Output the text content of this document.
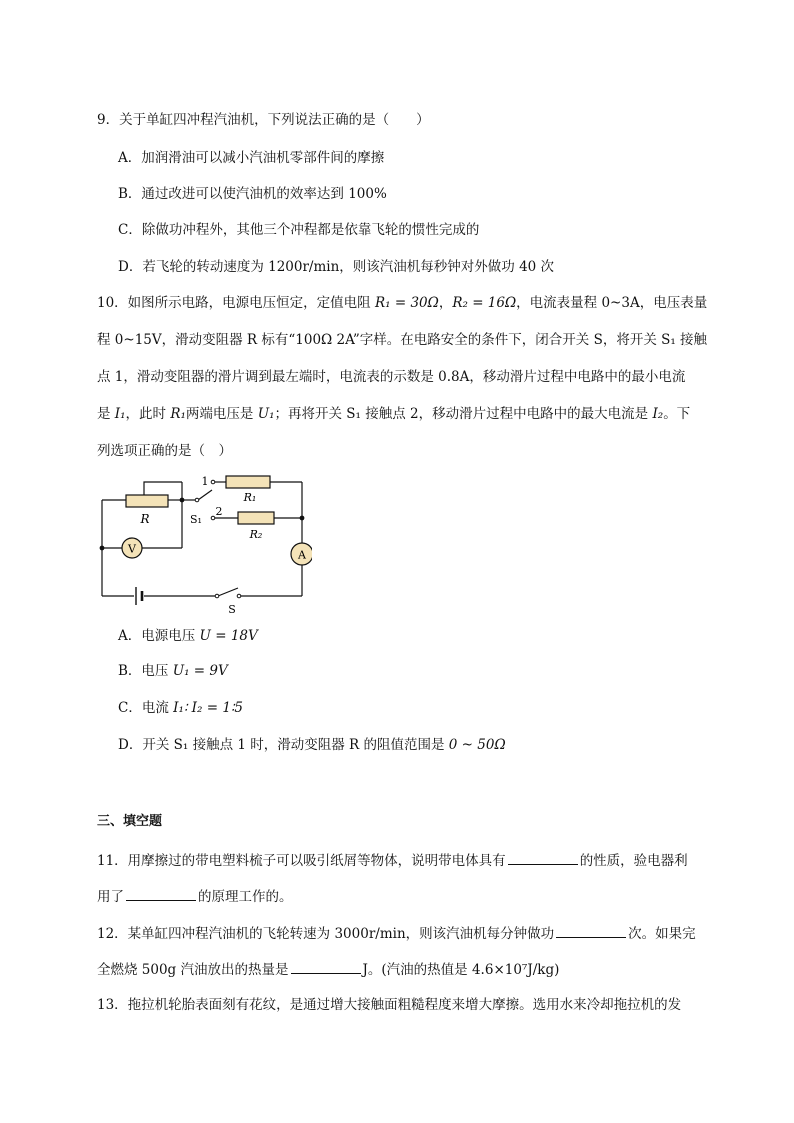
9．关于单缸四冲程汽油机，下列说法正确的是（　　）
A．加润滑油可以减小汽油机零部件间的摩擦
B．通过改进可以使汽油机的效率达到 100%
C．除做功冲程外，其他三个冲程都是依靠飞轮的惯性完成的
D．若飞轮的转动速度为 1200r/min，则该汽油机每秒钟对外做功 40 次
10．如图所示电路，电源电压恒定，定值电阻 R₁ = 30Ω，R₂ = 16Ω，电流表量程 0~3A，电压表量
程 0~15V，滑动变阻器 R 标有“100Ω 2A”字样。在电路安全的条件下，闭合开关 S，将开关 S₁ 接触
点 1，滑动变阻器的滑片调到最左端时，电流表的示数是 0.8A，移动滑片过程中电路中的最小电流
是 I₁，此时 R₁两端电压是 U₁；再将开关 S₁ 接触点 2，移动滑片过程中电路中的最大电流是 I₂。下
列选项正确的是（　）
V	A
R
R₁
R₂
S₁
1
2
S
A．电源电压 U = 18V
B．电压 U₁ = 9V
C．电流 I₁∶ I₂ = 1∶5
D．开关 S₁ 接触点 1 时，滑动变阻器 R 的阻值范围是 0 ~ 50Ω
三、填空题
11．用摩擦过的带电塑料梳子可以吸引纸屑等物体，说明带电体具有	的性质，验电器利
用了	的原理工作的。
12．某单缸四冲程汽油机的飞轮转速为 3000r/min，则该汽油机每分钟做功	次。如果完
全燃烧 500g 汽油放出的热量是	J。(汽油的热值是 4.6×10⁷J/kg)
13．拖拉机轮胎表面刻有花纹，是通过增大接触面粗糙程度来增大摩擦。选用水来冷却拖拉机的发
